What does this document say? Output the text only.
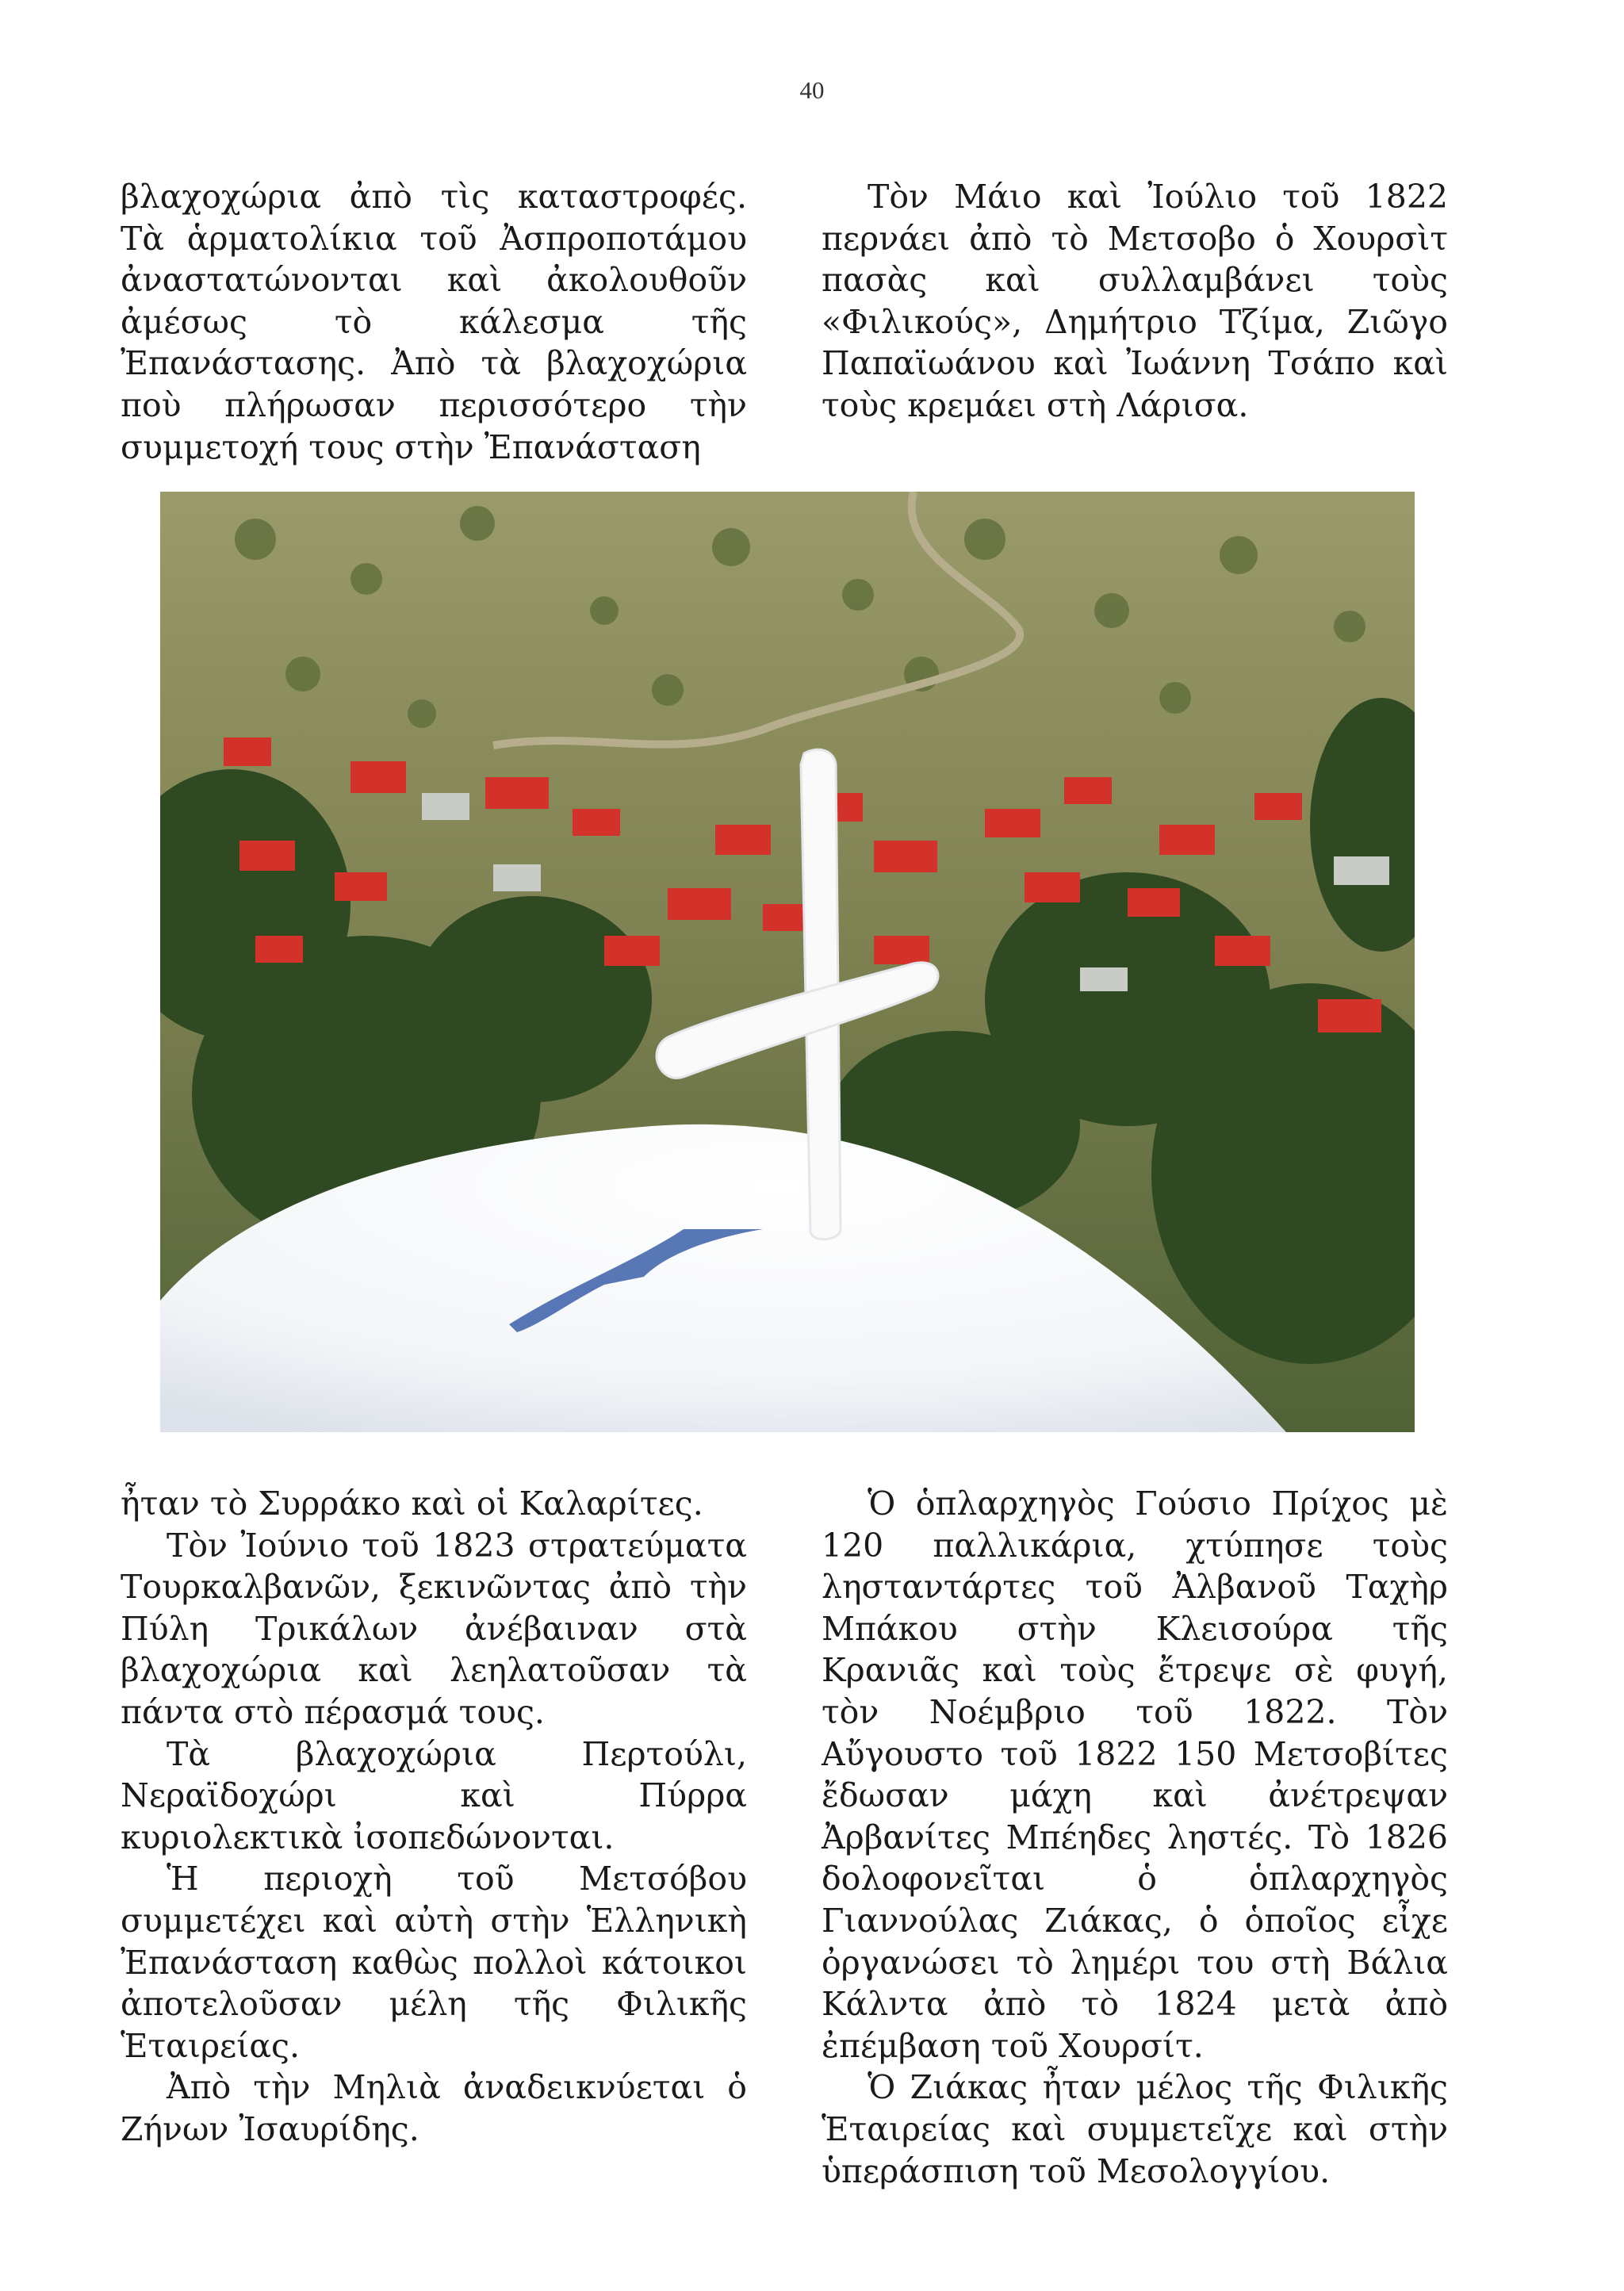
40

βλαχοχώρια ἀπὸ τὶς καταστροφές. Τὰ ἁρματολίκια τοῦ Ἀσπροποτάμου ἀναστατώνονται καὶ ἀκολουθοῦν ἀμέσως τὸ κάλεσμα τῆς Ἐπανάστασης. Ἀπὸ τὰ βλαχοχώρια ποὺ πλήρωσαν περισσότερο τὴν συμμετοχή τους στὴν Ἐπανάσταση

Τὸν Μάιο καὶ Ἰούλιο τοῦ 1822 περνάει ἀπὸ τὸ Μετσοβο ὁ Χουρσὶτ πασὰς καὶ συλλαμβάνει τοὺς «Φιλικούς», Δημήτριο Τζίμα, Ζιῶγο Παπαϊωάνου καὶ Ἰωάννη Τσάπο καὶ τοὺς κρεμάει στὴ Λάρισα.

ἦταν τὸ Συρράκο καὶ οἱ Καλαρίτες.

Τὸν Ἰούνιο τοῦ 1823 στρατεύματα Τουρκαλβανῶν, ξεκινῶντας ἀπὸ τὴν Πύλη Τρικάλων ἀνέβαιναν στὰ βλαχοχώρια καὶ λεηλατοῦσαν τὰ πάντα στὸ πέρασμά τους.

Τὰ βλαχοχώρια Περτούλι, Νεραϊδοχώρι καὶ Πύρρα κυριολεκτικὰ ἰσοπεδώνονται.

Ἡ περιοχὴ τοῦ Μετσόβου συμμετέχει καὶ αὐτὴ στὴν Ἑλληνικὴ Ἐπανάσταση καθὼς πολλοὶ κάτοικοι ἀποτελοῦσαν μέλη τῆς Φιλικῆς Ἑταιρείας.

Ἀπὸ τὴν Μηλιὰ ἀναδεικνύεται ὁ Ζήνων Ἰσαυρίδης.

Ὁ ὁπλαρχηγὸς Γούσιο Πρίχος μὲ 120 παλλικάρια, χτύπησε τοὺς λησταντάρτες τοῦ Ἀλβανοῦ Ταχὴρ Μπάκου στὴν Κλεισούρα τῆς Κρανιᾶς καὶ τοὺς ἔτρεψε σὲ φυγή, τὸν Νοέμβριο τοῦ 1822. Τὸν Αὔγουστο τοῦ 1822 150 Μετσοβίτες ἔδωσαν μάχη καὶ ἀνέτρεψαν Ἀρβανίτες Μπέηδες ληστές. Τὸ 1826 δολοφονεῖται ὁ ὁπλαρχηγὸς Γιαννούλας Ζιάκας, ὁ ὁποῖος εἶχε ὀργανώσει τὸ λημέρι του στὴ Βάλια Κάλντα ἀπὸ τὸ 1824 μετὰ ἀπὸ ἐπέμβαση τοῦ Χουρσίτ.

Ὁ Ζιάκας ἦταν μέλος τῆς Φιλικῆς Ἑταιρείας καὶ συμμετεῖχε καὶ στὴν ὑπεράσπιση τοῦ Μεσολογγίου.
